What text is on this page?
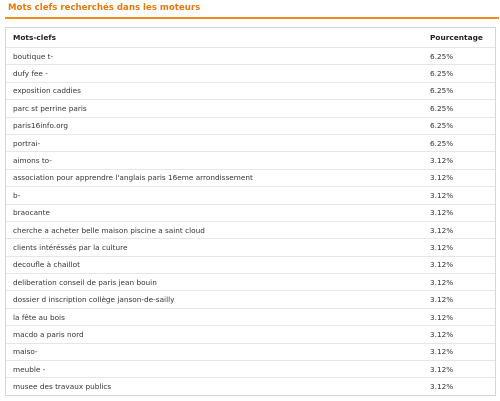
Mots clefs recherchés dans les moteurs
Mots-clefs	Pourcentage
boutique t-	6.25%
dufy fee -	6.25%
exposition caddies	6.25%
parc st perrine paris	6.25%
paris16info.org	6.25%
portrai-	6.25%
aimons to-	3.12%
association pour apprendre l'anglais paris 16eme arrondissement	3.12%
b-	3.12%
braocante	3.12%
cherche a acheter belle maison piscine a saint cloud	3.12%
clients intéréssés par la culture	3.12%
decoufle à chaillot	3.12%
deliberation conseil de paris jean bouin	3.12%
dossier d inscription collège janson-de-sailly	3.12%
la fête au bois	3.12%
macdo a paris nord	3.12%
maiso-	3.12%
meuble -	3.12%
musee des travaux publics	3.12%
